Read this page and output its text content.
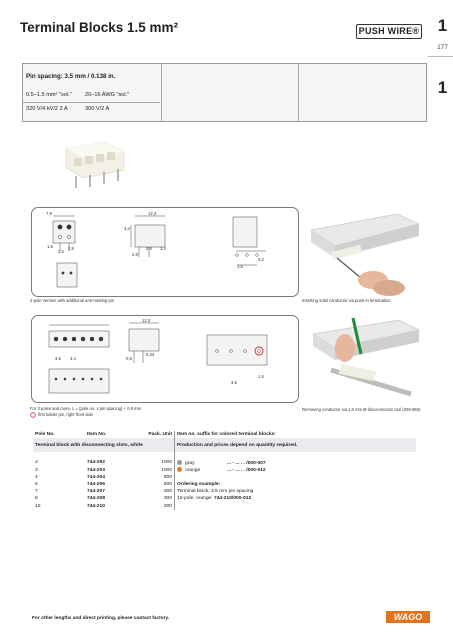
Terminal Blocks 1.5 mm²	PUSH WIRE®	1
177
1
Pin spacing: 3.5 mm / 0.138 in.
0.5–1.5 mm² "sol."
320 V/4 kV/2 2 A
20–16 AWG "sol."
300 V/2 A
7,9	12,3
4,4
3,5
1,5	2,9
2,9
0,8 3,4
3,5
0,2
2-pole version with additional anti-rotating pin	Inserting solid conductor via push-in termination
12,3
3,5 3,4	0,8
0,33
3,5
1,5
For 3 poles and more, L = (pole no. x pin spacing) + 0.9 mm
first solder pin, right front side
Removing conductor via 1.0 mm Ø disconnection tool (206-860)
Pole No.	Item No.	Pack. Unit	Item no. suffix for colored terminal blocks:
Terminal block with disconnecting slots, white			Production and prices depend on quantity required.

2	744-292	1000	gray ... - ... . . /000-007
3	744-203	1000	orange ... - ... . . /000-012
4	744-204	800	
6	744-206	500	Ordering example:
7	744-207	300	Terminal block, 3.5 mm pin spacing
8	744-208	300	10-pole, orange: 744-210/000-012
10	744-210	200	
For other lengths and direct printing, please contact factory.	WAGO
